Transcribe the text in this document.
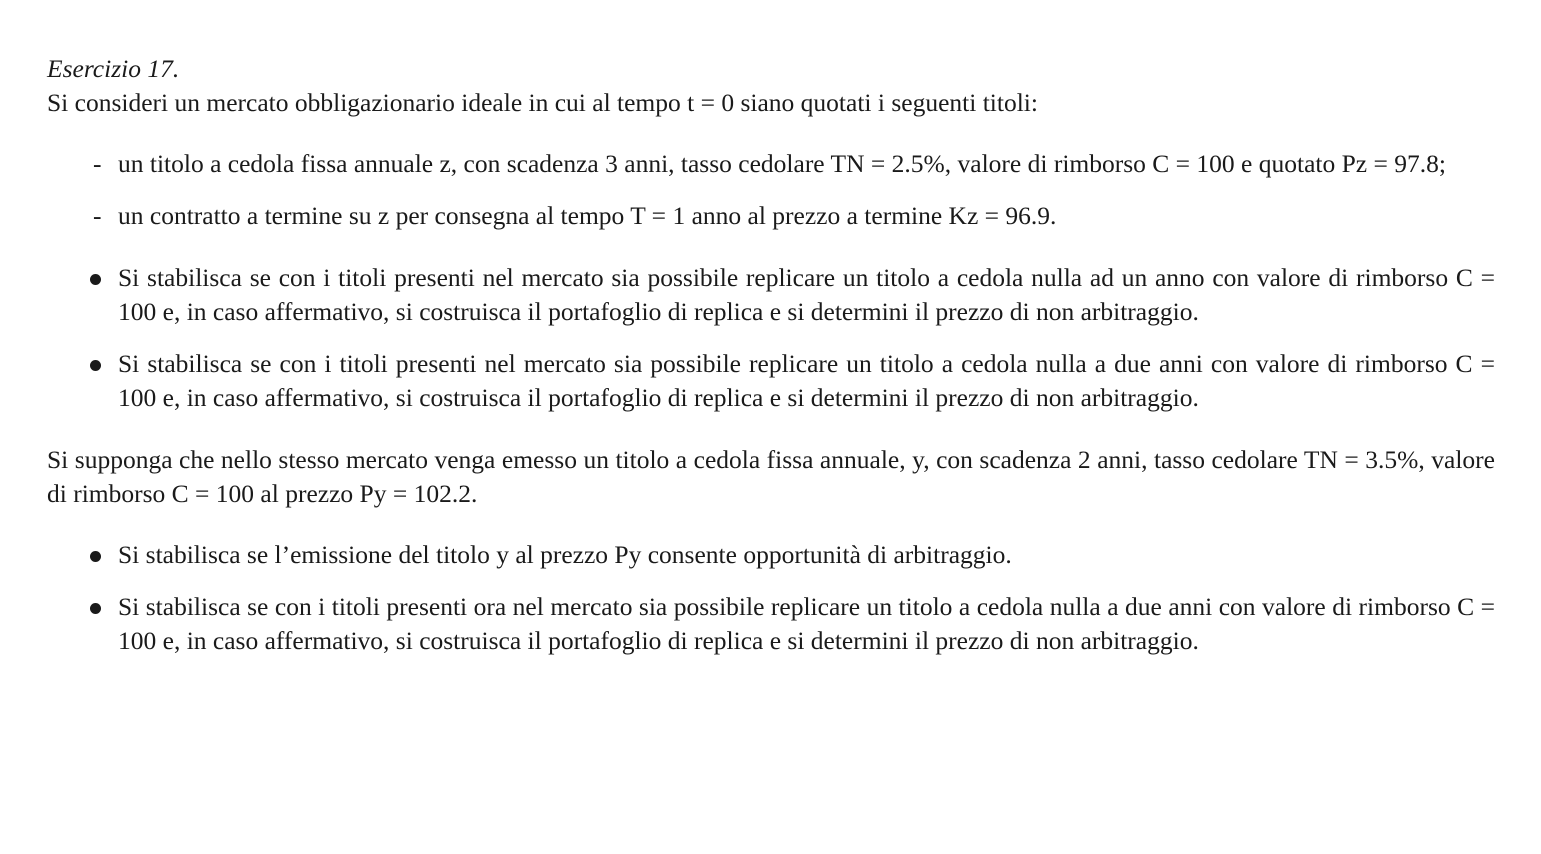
Esercizio 17.

Si consideri un mercato obbligazionario ideale in cui al tempo t = 0 siano quotati i seguenti titoli:

- un titolo a cedola fissa annuale z, con scadenza 3 anni, tasso cedolare TN = 2.5%, valore di rimborso C = 100 e quotato Pz = 97.8;
- un contratto a termine su z per consegna al tempo T = 1 anno al prezzo a termine Kz = 96.9.
Si stabilisca se con i titoli presenti nel mercato sia possibile replicare un titolo a cedola nulla ad un anno con valore di rimborso C = 100 e, in caso affermativo, si costruisca il portafoglio di replica e si determini il prezzo di non arbitraggio.
Si stabilisca se con i titoli presenti nel mercato sia possibile replicare un titolo a cedola nulla a due anni con valore di rimborso C = 100 e, in caso affermativo, si costruisca il portafoglio di replica e si determini il prezzo di non arbitraggio.

Si supponga che nello stesso mercato venga emesso un titolo a cedola fissa annuale, y, con scadenza 2 anni, tasso cedolare TN = 3.5%, valore di rimborso C = 100 al prezzo Py = 102.2.

Si stabilisca se l’emissione del titolo y al prezzo Py consente opportunità di arbitraggio.
Si stabilisca se con i titoli presenti ora nel mercato sia possibile replicare un titolo a cedola nulla a due anni con valore di rimborso C = 100 e, in caso affermativo, si costruisca il portafoglio di replica e si determini il prezzo di non arbitraggio.
